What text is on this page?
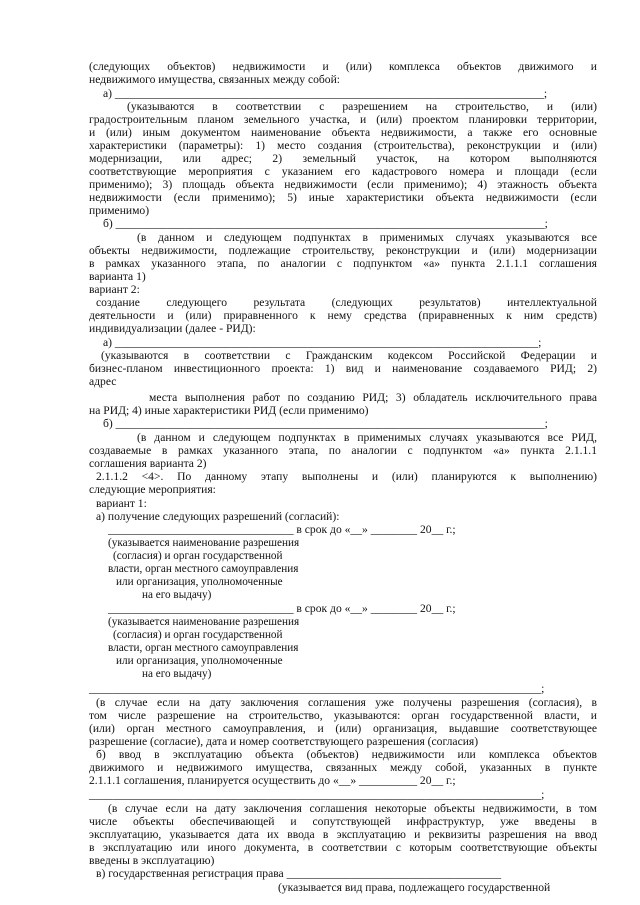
(следующих объектов) недвижимости и (или) комплекса объектов движимого и
недвижимого имущества, связанных между собой:
а) __________________________________________________________________________;
(указываются в соответствии с разрешением на строительство, и (или)
градостроительным планом земельного участка, и (или) проектом планировки территории,
и (или) иным документом наименование объекта недвижимости, а также его основные
характеристики (параметры): 1) место создания (строительства), реконструкции и (или)
модернизации, или адрес; 2) земельный участок, на котором выполняются
соответствующие мероприятия с указанием его кадастрового номера и площади (если
применимо); 3) площадь объекта недвижимости (если применимо); 4) этажность объекта
недвижимости (если применимо); 5) иные характеристики объекта недвижимости (если
применимо)
б) __________________________________________________________________________;
(в данном и следующем подпунктах в применимых случаях указываются все
объекты недвижимости, подлежащие строительству, реконструкции и (или) модернизации
в рамках указанного этапа, по аналогии с подпунктом «а» пункта 2.1.1.1 соглашения
варианта 1)
вариант 2:
создание следующего результата (следующих результатов) интеллектуальной
деятельности и (или) приравненного к нему средства (приравненных к ним средств)
индивидуализации (далее - РИД):
а) _________________________________________________________________________;
(указываются в соответствии с Гражданским кодексом Российской Федерации и
бизнес-планом инвестиционного проекта: 1) вид и наименование создаваемого РИД; 2)
адрес
места выполнения работ по созданию РИД; 3) обладатель исключительного права
на РИД; 4) иные характеристики РИД (если применимо)
б) __________________________________________________________________________;
(в данном и следующем подпунктах в применимых случаях указываются все РИД,
создаваемые в рамках указанного этапа, по аналогии с подпунктом «а» пункта 2.1.1.1
соглашения варианта 2)
2.1.1.2 <4>. По данному этапу выполнены и (или) планируются к выполнению)
следующие мероприятия:
вариант 1:
а) получение следующих разрешений (согласий):
________________________________ в срок до «__» ________ 20__ г.;
(указывается наименование разрешения
(согласия) и орган государственной
власти, орган местного самоуправления
или организация, уполномоченные
на его выдачу)
________________________________ в срок до «__» ________ 20__ г.;
(указывается наименование разрешения
(согласия) и орган государственной
власти, орган местного самоуправления
или организация, уполномоченные
на его выдачу)
______________________________________________________________________________;
(в случае если на дату заключения соглашения уже получены разрешения (согласия), в
том числе разрешение на строительство, указываются: орган государственной власти, и
(или) орган местного самоуправления, и (или) организация, выдавшие соответствующее
разрешение (согласие), дата и номер соответствующего разрешения (согласия)
б) ввод в эксплуатацию объекта (объектов) недвижимости или комплекса объектов
движимого и недвижимого имущества, связанных между собой, указанных в пункте
2.1.1.1 соглашения, планируется осуществить до «__» __________ 20__ г.;
______________________________________________________________________________;
(в случае если на дату заключения соглашения некоторые объекты недвижимости, в том
числе объекты обеспечивающей и сопутствующей инфраструктур, уже введены в
эксплуатацию, указывается дата их ввода в эксплуатацию и реквизиты разрешения на ввод
в эксплуатацию или иного документа, в соответствии с которым соответствующие объекты
введены в эксплуатацию)
в) государственная регистрация права _____________________________________
(указывается вид права, подлежащего государственной
